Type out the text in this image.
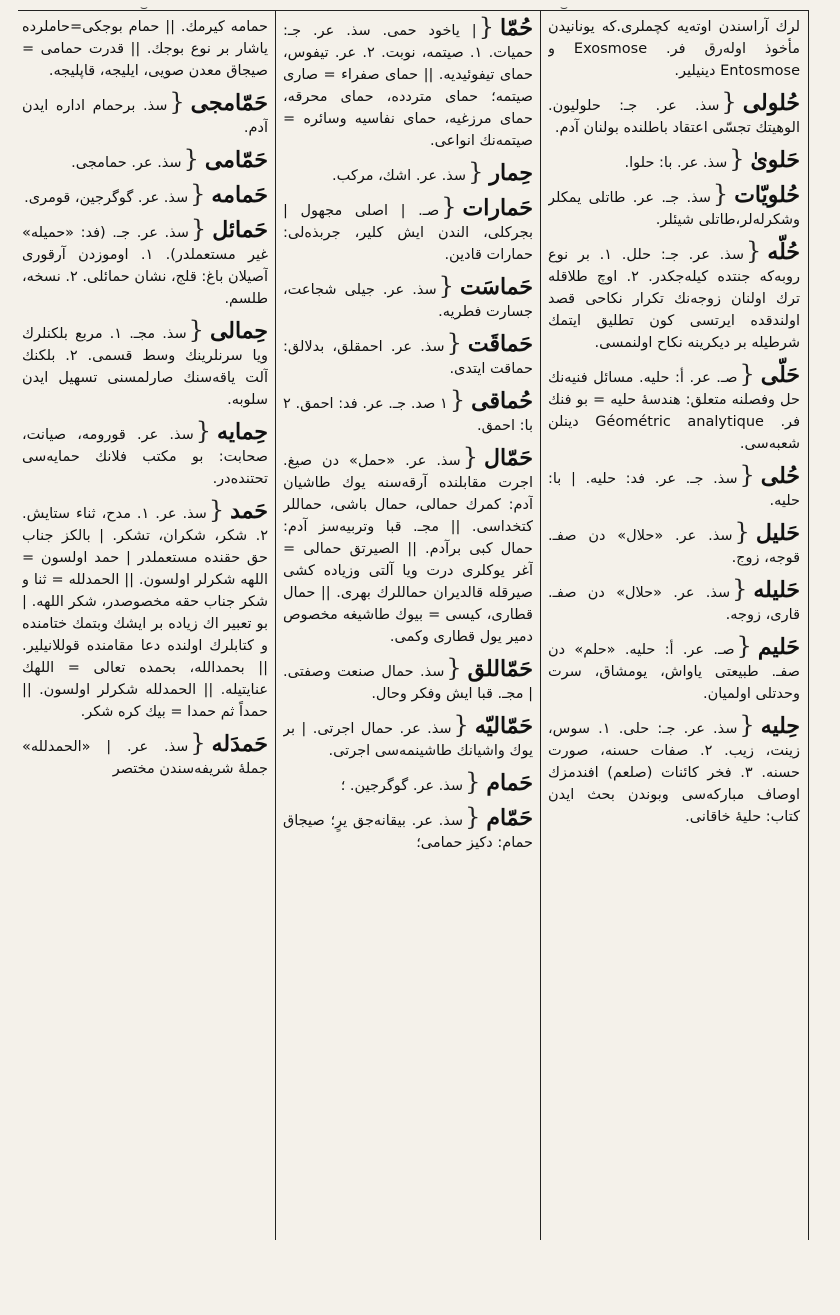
⌣	⌣
لرك آراسندن اوتەيە کچملری.کە یونانیدن مأخوذ اولەرق فر. Exosmose و Entosmose دینیلیر.
حُلولی{سذ. عر. جـ: حلوليون. الوهيتك تجسّى اعتقاد باطلنده بولنان آدم.
حَلوىٰ{سذ. عر. با: حلوا.
حُلويّات{سذ. جـ. عر. طاتلى يمكلر وشكرلەلر،طاتلى شيئلر.
حُلّه{سذ. عر. جـ: حلل. ١. بر نوع روبەکە جنتدە کیلەجکدر. ٢. اوچ طلاقلە ترك اولنان زوجەنك تكرار نكاحى قصد اولندقدە ايرتسى كون تطليق ايتمك شرطيلە بر ديكرينە نكاح اولنمسى.
حَلّى{صـ. عر. أ: حليه. مسائل فنيەنك حل وفصلنە متعلق: هندسهٔ حليه = بو فنك فر. Géométric analytique دينلن شعبەسى.
حُلى{سذ. جـ. عر. فد: حليه. | با: حليه.
حَليل{سذ. عر. «حلال» دن صفـ. قوجه، زوج.
حَليله{سذ. عر. «حلال» دن صفـ. قارى، زوجه.
حَليم{صـ. عر. أ: حليه. «حلم» دن صفـ. طبيعتى ياواش، يومشاق، سرت وحدتلى اولميان.
حِليه{سذ. عر. جـ: حلى. ١. سوس، زينت، زيب. ٢. صفات حسنه، صورت حسنه. ٣. فخر كائنات (صلعم) افندمزك اوصاف مباركەسى وبوندن بحث ايدن كتاب: حليهٔ خاقانى.
حُمّا{| ياخود حمى. سذ. عر. جـ: حميات. ١. صيتمه، نوبت. ٢. عر. تيفوس، حماى تيفوئيديه. || حماى صفراء = صارى صيتمه؛ حماى متردده، حماى محرقه، حماى مرزغيه، حماى نفاسيه وسائره = صيتمەنك انواعى.
حِمار{سذ. عر. اشك، مركب.
حَمارات{صـ. | اصلى مجهول | بجركلى، الندن ايش كلير، جربذەلى: حمارات قادين.
حَماسَت{سذ. عر. جيلى شجاعت، جسارت فطريه.
حَماقَت{سذ. عر. احمقلق، بدلالق: حماقت ايتدى.
حُماقى{١ صد. جـ. عر. فد: احمق. ٢ با: احمق.
حَمّال{سذ. عر. «حمل» دن صيغ. اجرت مقابلندە آرقەسنە يوك طاشيان آدم: كمرك حمالى، حمال باشى، حماللر كتخداسى. || مجـ. قبا وتربيەسز آدم: حمال كبى برآدم. || الصيرتق حمالى = آغر يوكلرى درت ويا آلتى وزيادە كشى صيرقلە قالديران حماللرك بهرى. || حمال قطارى، كيسى = بيوك طاشيغە مخصوص دمير يول قطارى وكمى.
حَمّاللق{سذ. حمال صنعت وصفتى. | مجـ. قبا ايش وفكر وحال.
حَمّاليّه{سذ. عر. حمال اجرتى. | بر يوك واشيانك طاشينمەسى اجرتى.
حَمام{سذ. عر. گوگرجين. ؛
حَمّام{سذ. عر. بيقانەجق يرٍ؛ صيجاق حمام: دكيز حمامى؛
حمامه كيرمك. || حمام بوجكى=حاملردە ياشار بر نوع بوجك. || قدرت حمامى = صيجاق معدن صويى، ايليجه، قاپليجه.
حَمّامجى{سذ. برحمام ادارە ايدن آدم.
حَمّامى{سذ. عر. حمامجى.
حَمامه{سذ. عر. گوگرجين، قومرى.
حَمائل{سذ. عر. جـ. (فد: «حميله» غير مستعملدر). ١. اوموزدن آرقورى آصيلان باغ: قلج، نشان حمائلى. ٢. نسخه، طلسم.
حِمالى{سذ. مجـ. ١. مربع بلكنلرك ويا سرنلرينك وسط قسمى. ٢. بلكنك آلت ياقەسنك صارلمسنى تسهيل ايدن سلوبه.
حِمايه{سذ. عر. قورومه، صيانت، صحابت: بو مكتب فلانك حمايەسى تحتندەدر.
حَمد{سذ. عر. ١. مدح، ثناء ستايش. ٢. شكر، شكران، تشكر. | بالكز جناب حق حقندە مستعملدر | حمد اولسون = اللهه شكرلر اولسون. || الحمدلله = ثنا و شكر جناب حقە مخصوصدر، شكر اللهه. | بو تعبير اك زيادە بر ايشك وبتمك ختامندە و كتابلرك اولندە دعا مقامندە قوللانيلير. || بحمدالله، بحمده تعالى = اللهك عنايتيلە. || الحمدلله شكرلر اولسون. || حمداً ثم حمدا = بيك كره شكر.
حَمدَله{سذ. عر. | «الحمدلله» جملهٔ شريفەسندن مختصر
